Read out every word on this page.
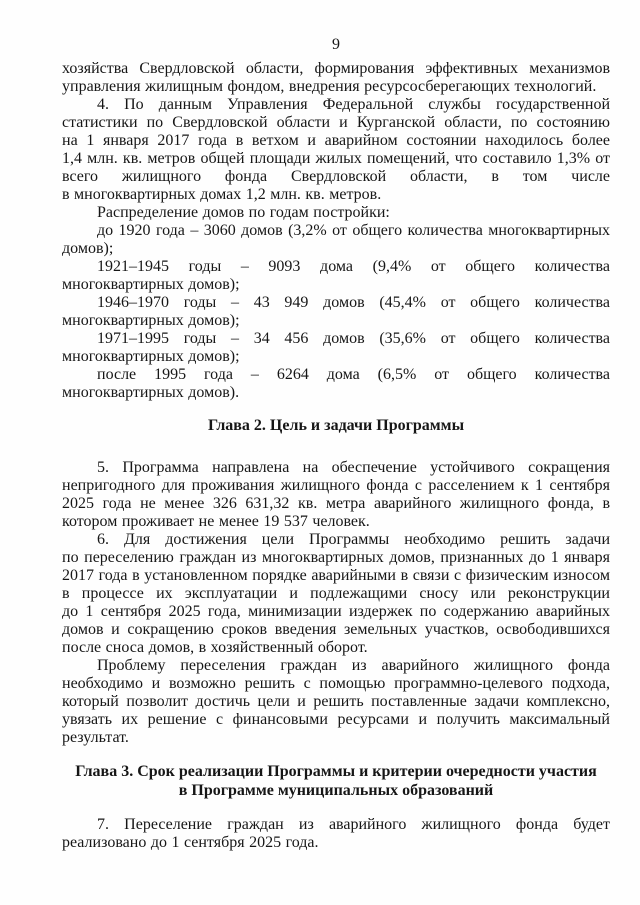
9

хозяйства Свердловской области, формирования эффективных механизмов управления жилищным фондом, внедрения ресурсосберегающих технологий.

4. По данным Управления Федеральной службы государственной статистики по Свердловской области и Курганской области, по состоянию на 1 января 2017 года в ветхом и аварийном состоянии находилось более 1,4 млн. кв. метров общей площади жилых помещений, что составило 1,3% от всего жилищного фонда Свердловской области, в том числе в многоквартирных домах 1,2 млн. кв. метров.

Распределение домов по годам постройки:

до 1920 года – 3060 домов (3,2% от общего количества многоквартирных домов);

1921–1945 годы – 9093 дома (9,4% от общего количества многоквартирных домов);

1946–1970 годы – 43 949 домов (45,4% от общего количества многоквартирных домов);

1971–1995 годы – 34 456 домов (35,6% от общего количества многоквартирных домов);

после 1995 года – 6264 дома (6,5% от общего количества многоквартирных домов).

Глава 2. Цель и задачи Программы

5. Программа направлена на обеспечение устойчивого сокращения непригодного для проживания жилищного фонда с расселением к 1 сентября 2025 года не менее 326 631,32 кв. метра аварийного жилищного фонда, в котором проживает не менее 19 537 человек.

6. Для достижения цели Программы необходимо решить задачи по переселению граждан из многоквартирных домов, признанных до 1 января 2017 года в установленном порядке аварийными в связи с физическим износом в процессе их эксплуатации и подлежащими сносу или реконструкции до 1 сентября 2025 года, минимизации издержек по содержанию аварийных домов и сокращению сроков введения земельных участков, освободившихся после сноса домов, в хозяйственный оборот.

Проблему переселения граждан из аварийного жилищного фонда необходимо и возможно решить с помощью программно-целевого подхода, который позволит достичь цели и решить поставленные задачи комплексно, увязать их решение с финансовыми ресурсами и получить максимальный результат.

Глава 3. Срок реализации Программы и критерии очередности участия
в Программе муниципальных образований

7. Переселение граждан из аварийного жилищного фонда будет реализовано до 1 сентября 2025 года.
